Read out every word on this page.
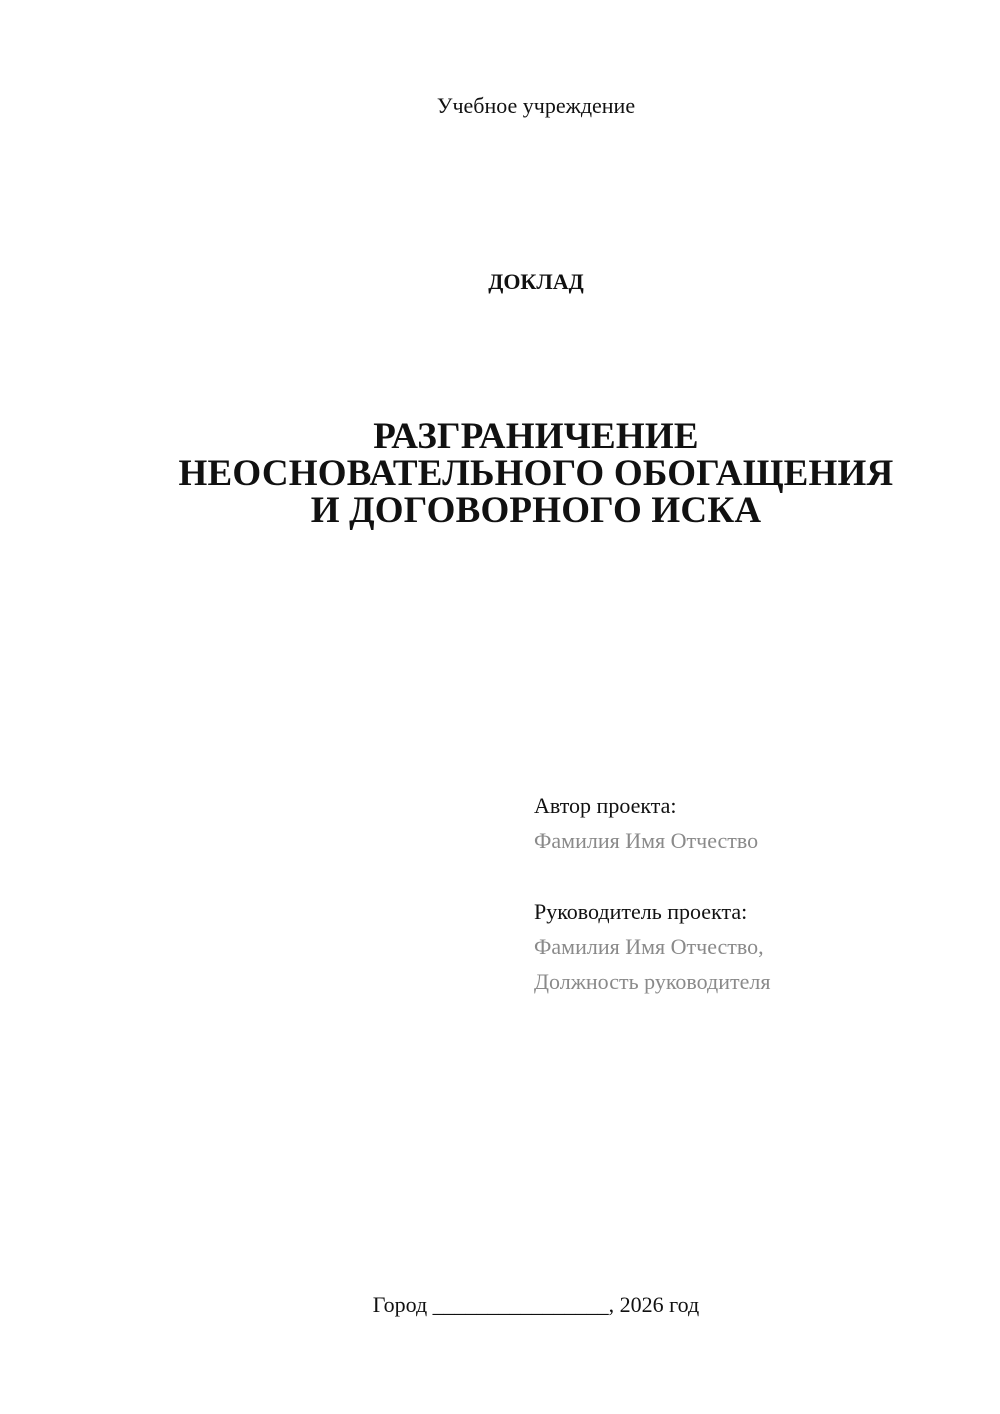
Учебное учреждение
ДОКЛАД
РАЗГРАНИЧЕНИЕ
НЕОСНОВАТЕЛЬНОГО ОБОГАЩЕНИЯ
И ДОГОВОРНОГО ИСКА
Автор проекта:
Фамилия Имя Отчество
Руководитель проекта:
Фамилия Имя Отчество,
Должность руководителя
Город ________________, 2026 год
